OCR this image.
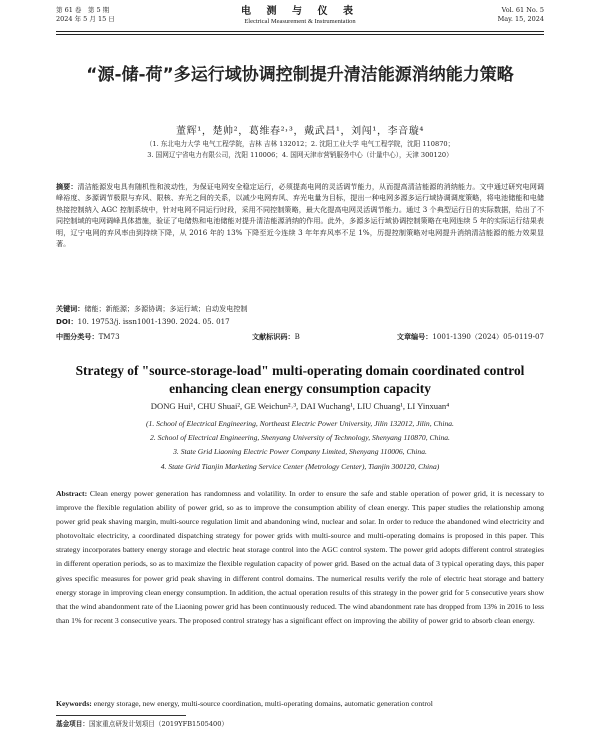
第 61 卷　第 5 期
2024 年 5 月 15 日
电 测 与 仪 表
Electrical Measurement & Instrumentation
Vol. 61 No. 5
May. 15, 2024
“源-储-荷”多运行域协调控制提升清洁能源消纳能力策略
董辉¹，楚帅²，葛维春²˒³，戴武昌¹，刘闯¹，李音璇⁴
（1. 东北电力大学 电气工程学院，吉林 吉林 132012；2. 沈阳工业大学 电气工程学院，沈阳 110870；
3. 国网辽宁省电力有限公司，沈阳 110006；4. 国网天津市营销服务中心（计量中心），天津 300120）
摘要：清洁能源发电具有随机性和波动性，为保证电网安全稳定运行，必须提高电网的灵活调节能力，从而提高清洁能源的消纳能力。文中通过研究电网调峰裕度、多源调节极限与弃风、限核、弃光之间的关系，以减少电网弃风、弃光电量为目标，提出一种电网多源多运行域协调调度策略，将电池储能和电储热接控制纳入 AGC 控制系统中，针对电网不同运行时段，采用不同控制策略，最大化提高电网灵活调节能力。通过 3 个典型运行日的实际数据，给出了不同控制域的电网调峰具体措施，验证了电储热和电池储能对提升清洁能源消纳的作用。此外，多源多运行域协调控制策略在电网连续 5 年的实际运行结果表明，辽宁电网的弃风率由到持续下降，从 2016 年的 13% 下降至近今连续 3 年年弃风率不足 1%，历提控制策略对电网提升消纳清洁能源的能力效果显著。
关键词：储能；新能源；多源协调；多运行域；自动发电控制
DOI：10. 19753/j. issn1001-1390. 2024. 05. 017
中图分类号：TM73	文献标识码：B	文章编号：1001-1390（2024）05-0119-07
Strategy of "source-storage-load" multi-operating domain coordinated control enhancing clean energy consumption capacity
DONG Hui¹, CHU Shuai², GE Weichun²˒³, DAI Wuchang¹, LIU Chuang¹, LI Yinxuan⁴
(1. School of Electrical Engineering, Northeast Electric Power University, Jilin 132012, Jilin, China.
2. School of Electrical Engineering, Shenyang University of Technology, Shenyang 110870, China.
3. State Grid Liaoning Electric Power Company Limited, Shenyang 110006, China.
4. State Grid Tianjin Marketing Service Center (Metrology Center), Tianjin 300120, China)
Abstract: Clean energy power generation has randomness and volatility. In order to ensure the safe and stable operation of power grid, it is necessary to improve the flexible regulation ability of power grid, so as to improve the consumption ability of clean energy. This paper studies the relationship among power grid peak shaving margin, multi-source regulation limit and abandoning wind, nuclear and solar. In order to reduce the abandoned wind electricity and photovoltaic electricity, a coordinated dispatching strategy for power grids with multi-source and multi-operating domains is proposed in this paper. This strategy incorporates battery energy storage and electric heat storage control into the AGC control system. The power grid adopts different control strategies in different operation periods, so as to maximize the flexible regulation capacity of power grid. Based on the actual data of 3 typical operating days, this paper gives specific measures for power grid peak shaving in different control domains. The numerical results verify the role of electric heat storage and battery energy storage in improving clean energy consumption. In addition, the actual operation results of this strategy in the power grid for 5 consecutive years show that the wind abandonment rate of the Liaoning power grid has been continuously reduced. The wind abandonment rate has dropped from 13% in 2016 to less than 1% for recent 3 consecutive years. The proposed control strategy has a significant effect on improving the ability of power grid to absorb clean energy.
Keywords: energy storage, new energy, multi-source coordination, multi-operating domains, automatic generation control
基金项目：国家重点研发计划项目（2019YFB1505400）
